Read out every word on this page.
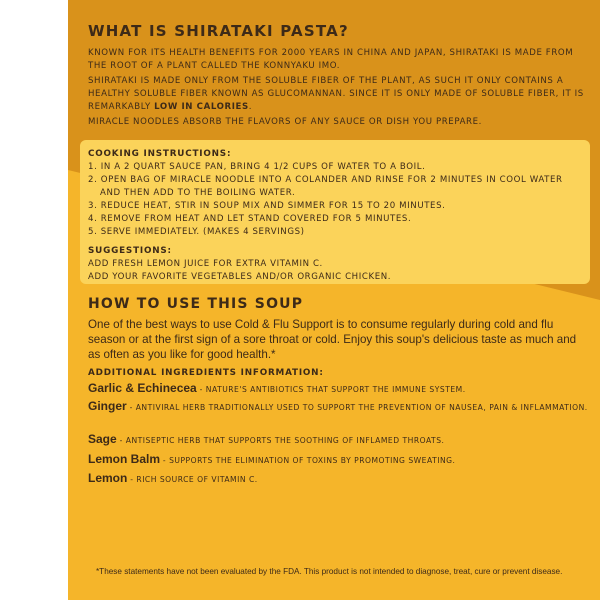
WHAT IS SHIRATAKI PASTA?
KNOWN FOR ITS HEALTH BENEFITS FOR 2000 YEARS IN CHINA AND JAPAN, SHIRATAKI IS MADE FROM THE ROOT OF A PLANT CALLED THE KONNYAKU IMO.
SHIRATAKI IS MADE ONLY FROM THE SOLUBLE FIBER OF THE PLANT, AS SUCH IT ONLY CONTAINS A HEALTHY SOLUBLE FIBER KNOWN AS GLUCOMANNAN. SINCE IT IS ONLY MADE OF SOLUBLE FIBER, IT IS REMARKABLY LOW IN CALORIES.
MIRACLE NOODLES ABSORB THE FLAVORS OF ANY SAUCE OR DISH YOU PREPARE.
COOKING INSTRUCTIONS:
1. IN A 2 QUART SAUCE PAN, BRING 4 1/2 CUPS OF WATER TO A BOIL.
2. OPEN BAG OF MIRACLE NOODLE INTO A COLANDER AND RINSE FOR 2 MINUTES IN COOL WATER AND THEN ADD TO THE BOILING WATER.
3. REDUCE HEAT, STIR IN SOUP MIX AND SIMMER FOR 15 TO 20 MINUTES.
4. REMOVE FROM HEAT AND LET STAND COVERED FOR 5 MINUTES.
5. SERVE IMMEDIATELY. (MAKES 4 SERVINGS)
SUGGESTIONS:
ADD FRESH LEMON JUICE FOR EXTRA VITAMIN C.
ADD YOUR FAVORITE VEGETABLES AND/OR ORGANIC CHICKEN.
HOW TO USE THIS SOUP
One of the best ways to use Cold & Flu Support is to consume regularly during cold and flu season or at the first sign of a sore throat or cold. Enjoy this soup's delicious taste as much and as often as you like for good health.*
ADDITIONAL INGREDIENTS INFORMATION:
Garlic & Echinecea - NATURE'S ANTIBIOTICS THAT SUPPORT THE IMMUNE SYSTEM.
Ginger - ANTIVIRAL HERB TRADITIONALLY USED TO SUPPORT THE PREVENTION OF NAUSEA, PAIN & INFLAMMATION.
Sage - ANTISEPTIC HERB THAT SUPPORTS THE SOOTHING OF INFLAMED THROATS.
Lemon Balm - SUPPORTS THE ELIMINATION OF TOXINS BY PROMOTING SWEATING.
Lemon - RICH SOURCE OF VITAMIN C.
*These statements have not been evaluated by the FDA. This product is not intended to diagnose, treat, cure or prevent disease.
